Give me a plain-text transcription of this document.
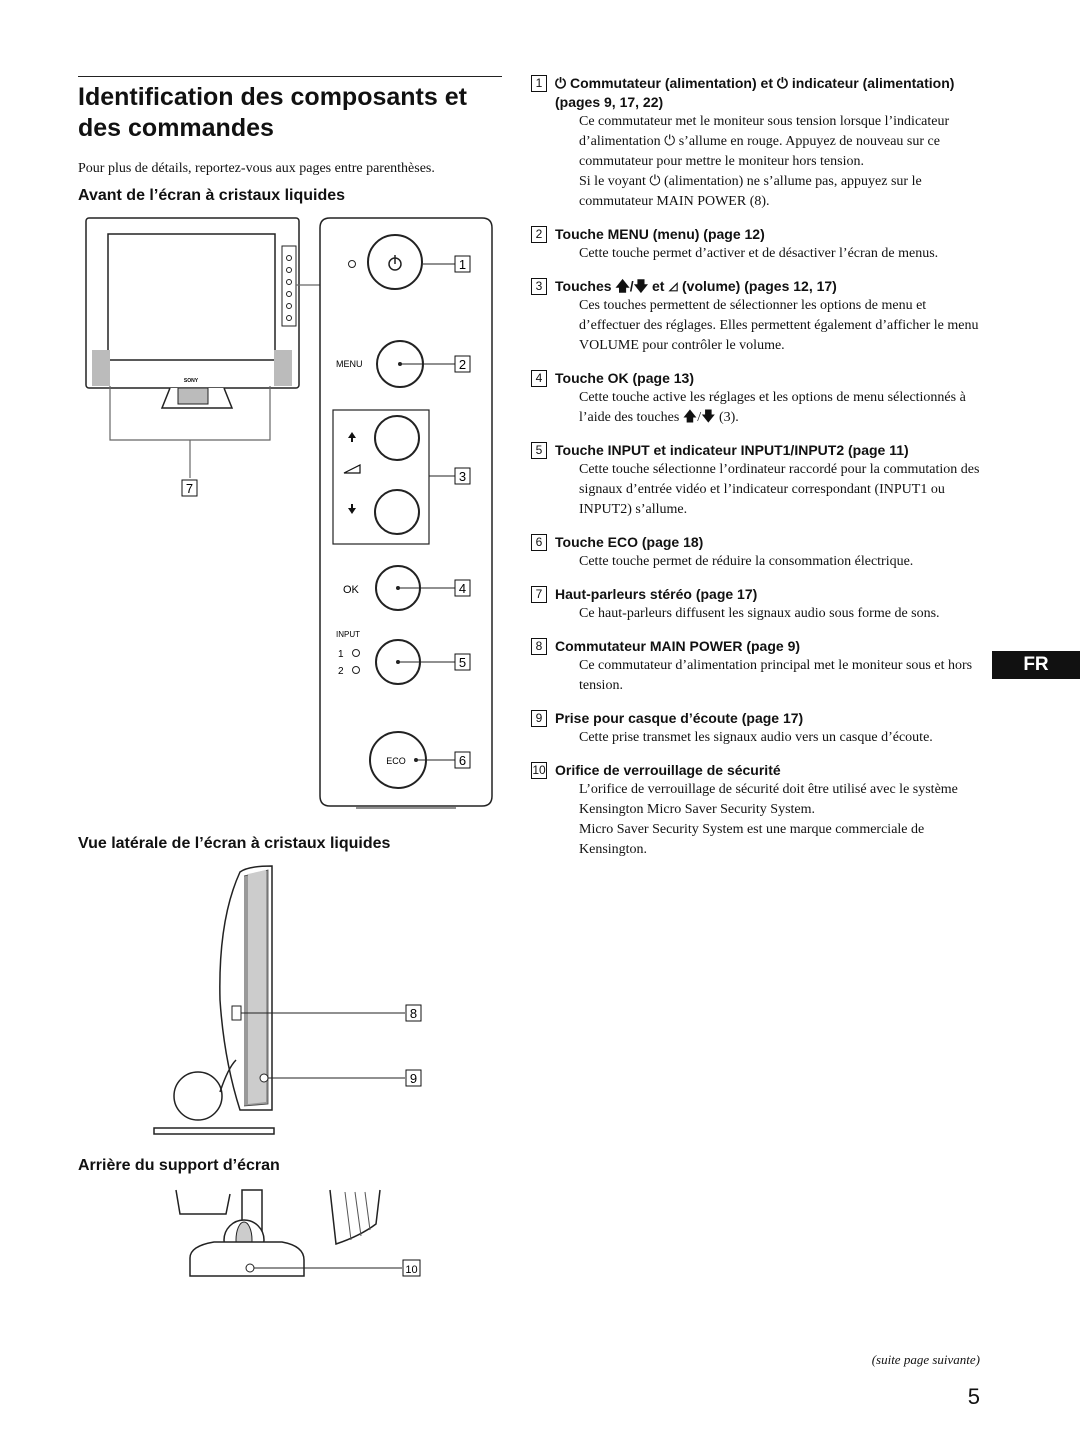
Identification des composants et des commandes
Pour plus de détails, reportez-vous aux pages entre parenthèses.
Avant de l’écran à cristaux liquides
SONY
7
1
MENU	2
3
OK	4
INPUT
1
2
5
ECO	6
Vue latérale de l’écran à cristaux liquides
8
9
Arrière du support d’écran
10
1 ⏻ Commutateur (alimentation) et ⏻ indicateur (alimentation) (pages 9, 17, 22)

Ce commutateur met le moniteur sous tension lorsque l’indicateur d’alimentation ⏻ s’allume en rouge. Appuyez de nouveau sur ce commutateur pour mettre le moniteur hors tension.

Si le voyant ⏻ (alimentation) ne s’allume pas, appuyez sur le commutateur MAIN POWER (8).

2 Touche MENU (menu) (page 12)

Cette touche permet d’activer et de désactiver l’écran de menus.

3 Touches 🡅/🡇 et ◿ (volume) (pages 12, 17)

Ces touches permettent de sélectionner les options de menu et d’effectuer des réglages. Elles permettent également d’afficher le menu VOLUME pour contrôler le volume.

4 Touche OK (page 13)

Cette touche active les réglages et les options de menu sélectionnés à l’aide des touches 🡅/🡇 (3).

5 Touche INPUT et indicateur INPUT1/INPUT2 (page 11)

Cette touche sélectionne l’ordinateur raccordé pour la commutation des signaux d’entrée vidéo et l’indicateur correspondant (INPUT1 ou INPUT2) s’allume.

6 Touche ECO (page 18)

Cette touche permet de réduire la consommation électrique.

7 Haut-parleurs stéréo (page 17)

Ce haut-parleurs diffusent les signaux audio sous forme de sons.

8 Commutateur MAIN POWER (page 9)

Ce commutateur d’alimentation principal met le moniteur sous et hors tension.

9 Prise pour casque d’écoute (page 17)

Cette prise transmet les signaux audio vers un casque d’écoute.

10 Orifice de verrouillage de sécurité

L’orifice de verrouillage de sécurité doit être utilisé avec le système Kensington Micro Saver Security System.

Micro Saver Security System est une marque commerciale de Kensington.

FR
(suite page suivante)
5
